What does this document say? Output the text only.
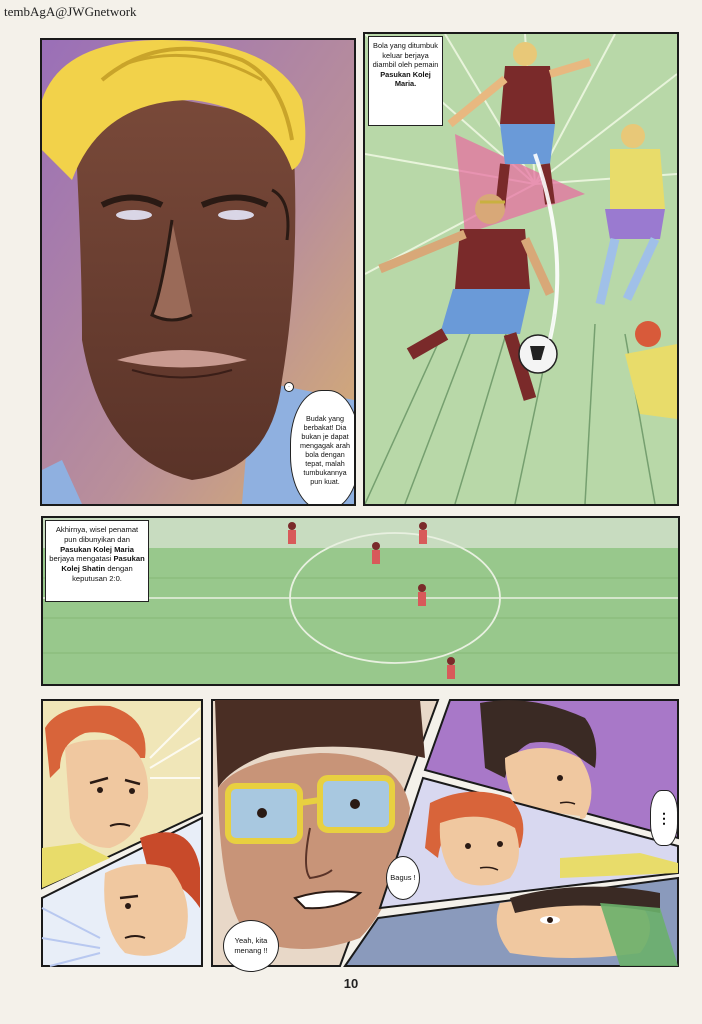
tembAgA@JWGnetwork
·
Budak yang berbakat! Dia bukan je dapat mengagak arah bola dengan tepat, malah tumbukannya pun kuat.
Bola yang ditumbuk keluar berjaya diambil oleh pemain Pasukan Kolej Maria.
Akhirnya, wisel penamat pun dibunyikan dan Pasukan Kolej Maria berjaya mengatasi Pasukan Kolej Shatin dengan keputusan 2:0.
⋮
Bagus !
Yeah, kita menang !!
10
